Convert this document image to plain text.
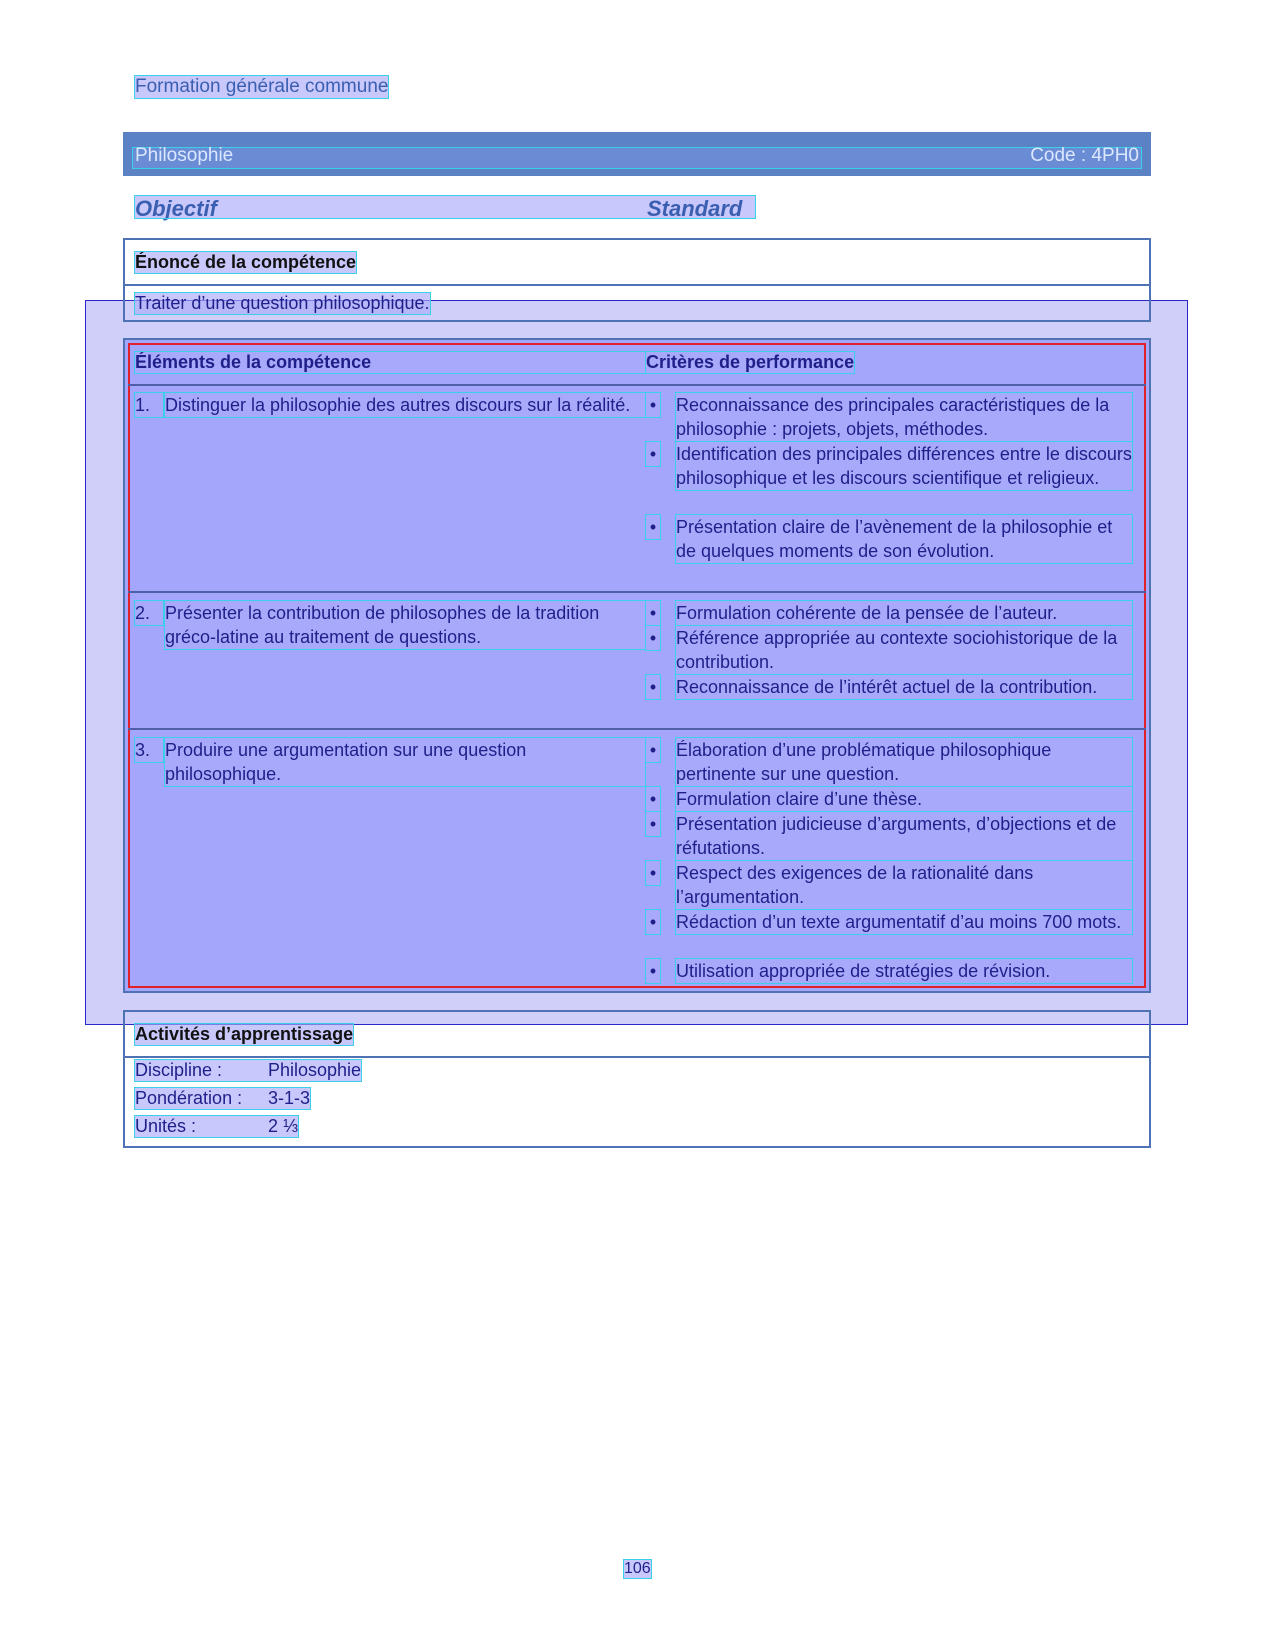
Formation générale commune
Philosophie	Code : 4PH0
Objectif	Standard
Énoncé de la compétence
Traiter d’une question philosophique.
Éléments de la compétence	Critères de performance
1. Distinguer la philosophie des autres discours sur la réalité.	• Reconnaissance des principales caractéristiques de la philosophie : projets, objets, méthodes.
• Identification des principales différences entre le discours philosophique et les discours scientifique et religieux.
• Présentation claire de l’avènement de la philosophie et de quelques moments de son évolution.
2. Présenter la contribution de philosophes de la tradition gréco-latine au traitement de questions.
• Formulation cohérente de la pensée de l’auteur.
• Référence appropriée au contexte sociohistorique de la contribution.
• Reconnaissance de l’intérêt actuel de la contribution.
3. Produire une argumentation sur une question philosophique.
• Élaboration d’une problématique philosophique pertinente sur une question.
• Formulation claire d’une thèse.
• Présentation judicieuse d’arguments, d’objections et de réfutations.
• Respect des exigences de la rationalité dans l’argumentation.
• Rédaction d’un texte argumentatif d’au moins 700 mots.
• Utilisation appropriée de stratégies de révision.
Activités d’apprentissage
Discipline :	Philosophie
Pondération : 3-1-3
Unités :	2 ⅓
106
